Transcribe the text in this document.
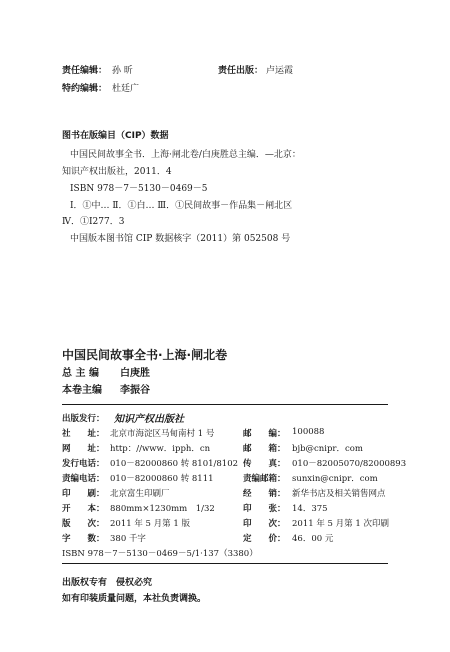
责任编辑： 孙 昕	责任出版： 卢运霞
特约编辑： 杜廷广
图书在版编目（CIP）数据
中国民间故事全书．上海·闸北卷/白庚胜总主编．—北京：
知识产权出版社，2011．4
ISBN 978－7－5130－0469－5
Ⅰ．①中… Ⅱ．①白… Ⅲ．①民间故事－作品集－闸北区
Ⅳ．①I277．3
中国版本图书馆 CIP 数据核字（2011）第 052508 号
中国民间故事全书·上海·闸北卷
总 主 编 白庚胜
本卷主编 李振谷
出版发行： 知识产权出版社
社　　址： 北京市海淀区马甸南村 1 号	邮　　编： 100088
网　　址： http：//www．ipph．cn	邮　　箱： bjb@cnipr．com
发行电话： 010－82000860 转 8101/8102 传　　真： 010－82005070/82000893
责编电话： 010－82000860 转 8111	责编邮箱： sunxin@cnipr．com
印　　刷： 北京富生印刷厂	经　　销： 新华书店及相关销售网点
开　　本： 880mm×1230mm　1/32	印　　张： 14．375
版　　次： 2011 年 5 月第 1 版	印　　次： 2011 年 5 月第 1 次印刷
字　　数： 380 千字	定　　价： 46．00 元
ISBN 978－7－5130－0469－5/1·137（3380）
出版权专有　侵权必究
如有印装质量问题，本社负责调换。
